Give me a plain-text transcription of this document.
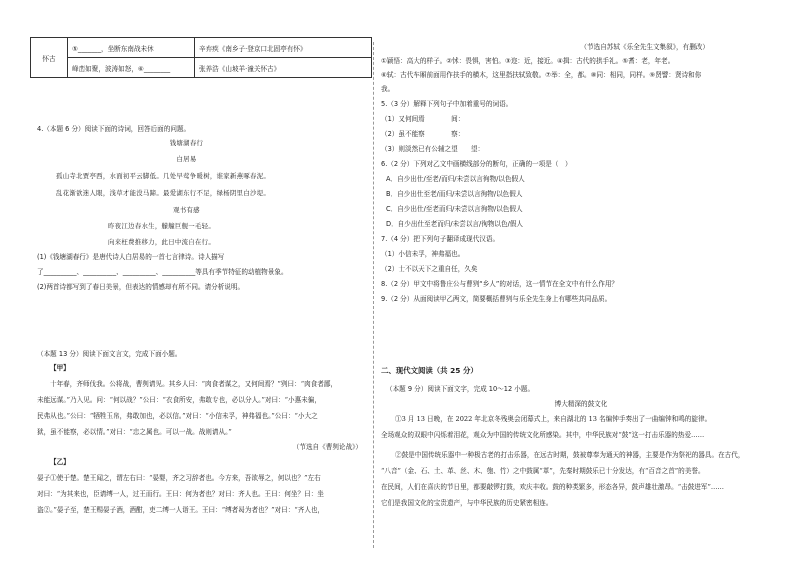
怀古	⑤_______，坐断东南战未休	辛弃疾《南乡子·登京口北固亭有怀》
	峰峦如聚，波涛如怒，⑥________	张养浩《山坡羊·潼关怀古》
4.（本题 6 分）阅读下面的诗词，回答后面的问题。
钱塘湖春行
白居易
孤山寺北贾亭西，水面初平云脚低。几处早莺争暖树，谁家新燕啄春泥。
乱花渐欲迷人眼，浅草才能没马蹄。最爱湖东行不足，绿杨阴里白沙堤。
观书有感
昨夜江边春水生，艨艟巨舰一毛轻。
向来枉费推移力，此日中流自在行。
(1)《钱塘湖春行》是唐代诗人白居易的一首七言律诗。诗人描写
了__________、__________、__________、__________等具有季节特征的动植物景象。
(2)两首诗都写到了春日美景，但表达的情感却有所不同。请分析说明。
（本题 13 分）阅读下面文言文，完成下面小题。
【甲】
十年春，齐师伐我。公将战，曹刿请见。其乡人曰：“肉食者谋之，又何间焉？”刿曰：“肉食者鄙，
未能远谋。”乃入见。问：“何以战？”公曰：“衣食所安，弗敢专也，必以分人。”对曰：“小惠未徧，
民弗从也。”公曰：“牺牲玉帛，弗敢加也，必以信。”对曰：“小信未孚，神弗福也。”公曰：“小大之
狱，虽不能察，必以情。”对曰：“忠之属也。可以一战。战则请从。”
（节选自《曹刿论战》）
【乙】
晏子①使于楚。楚王闻之，谓左右曰：“晏婴，齐之习辞者也。今方来，吾欲辱之，何以也？”左右
对曰：“为其来也，臣请缚一人，过王而行。王曰：何为者也？对曰：齐人也。王曰：何坐？曰：坐
盗②。”晏子至，楚王赐晏子酒，酒酣，吏二缚一人诣王。王曰：“缚者曷为者也？”对曰：“齐人也，
（节选自苏轼《乐全先生文集叙》，有删改）
①颖悟：高大的样子。②怵：畏惧，害怕。③迩：近，接近。④揖：古代的拱手礼。⑤耆：老，年老。
⑥轼：古代车厢前面用作扶手的横木，这里指扶轼致敬。⑦举：全，都。⑧同：相同，同样。⑨贤譬：贤诗和你
我。
5.（3 分）解释下列句子中加着重号的词语。
（1）又何间焉　　　　间：
（2）虽不能察　　　　察：
（3）则淡然已有公辅之望　　望：
6.（2 分）下列对乙文中画横线部分的断句，正确的一项是（　）
A．自少出仕/至老/而归/未尝以言徇物/以色假人
B．自少出仕至老/而归/未尝以言徇物/以色假人
C．自少出仕/至老而归/未尝以言徇物/以色假人
D．自少出仕至老而归/未尝以言/徇物以色/假人
7.（4 分）把下列句子翻译成现代汉语。
（1）小信未孚，神弗福也。
（2）士不以天下之重自任，久矣
8.（2 分）甲文中将鲁庄公与曹刿“乡人”的对话，这一情节在全文中有什么作用？
9.（2 分）从面阅读甲乙两文，简要概括曹刿与乐全先生身上有哪些共同品质。
二、现代文阅读（共 25 分）
（本题 9 分）阅读下面文字，完成 10～12 小题。
博大精深的鼓文化
①3 月 13 日晚，在 2022 年北京冬残奥会闭幕式上，来自湖北的 13 名编钟手奏出了一曲编钟和鸣的旋律。
全场观众的双眼中闪烁着泪花，观众为中国的传统文化所感染。其中，中华民族对“鼓”这一打击乐器的热爱……
②鼓是中国传统乐器中一种极古老的打击乐器，在远古时期，鼓被尊奉为通天的神器，主要是作为祭祀的器具。在古代，
“八音”（金、石、土、革、丝、木、匏、竹）之中鼓属“革”，先秦时期鼓乐已十分发达，有“百音之首”的美誉。
在民间，人们在喜庆的节日里，都要敲锣打鼓，欢庆丰收。鼓的种类繁多，形态各异，鼓声雄壮激昂。“击鼓进军”……
它们是我国文化的宝贵遗产，与中华民族的历史紧密相连。
